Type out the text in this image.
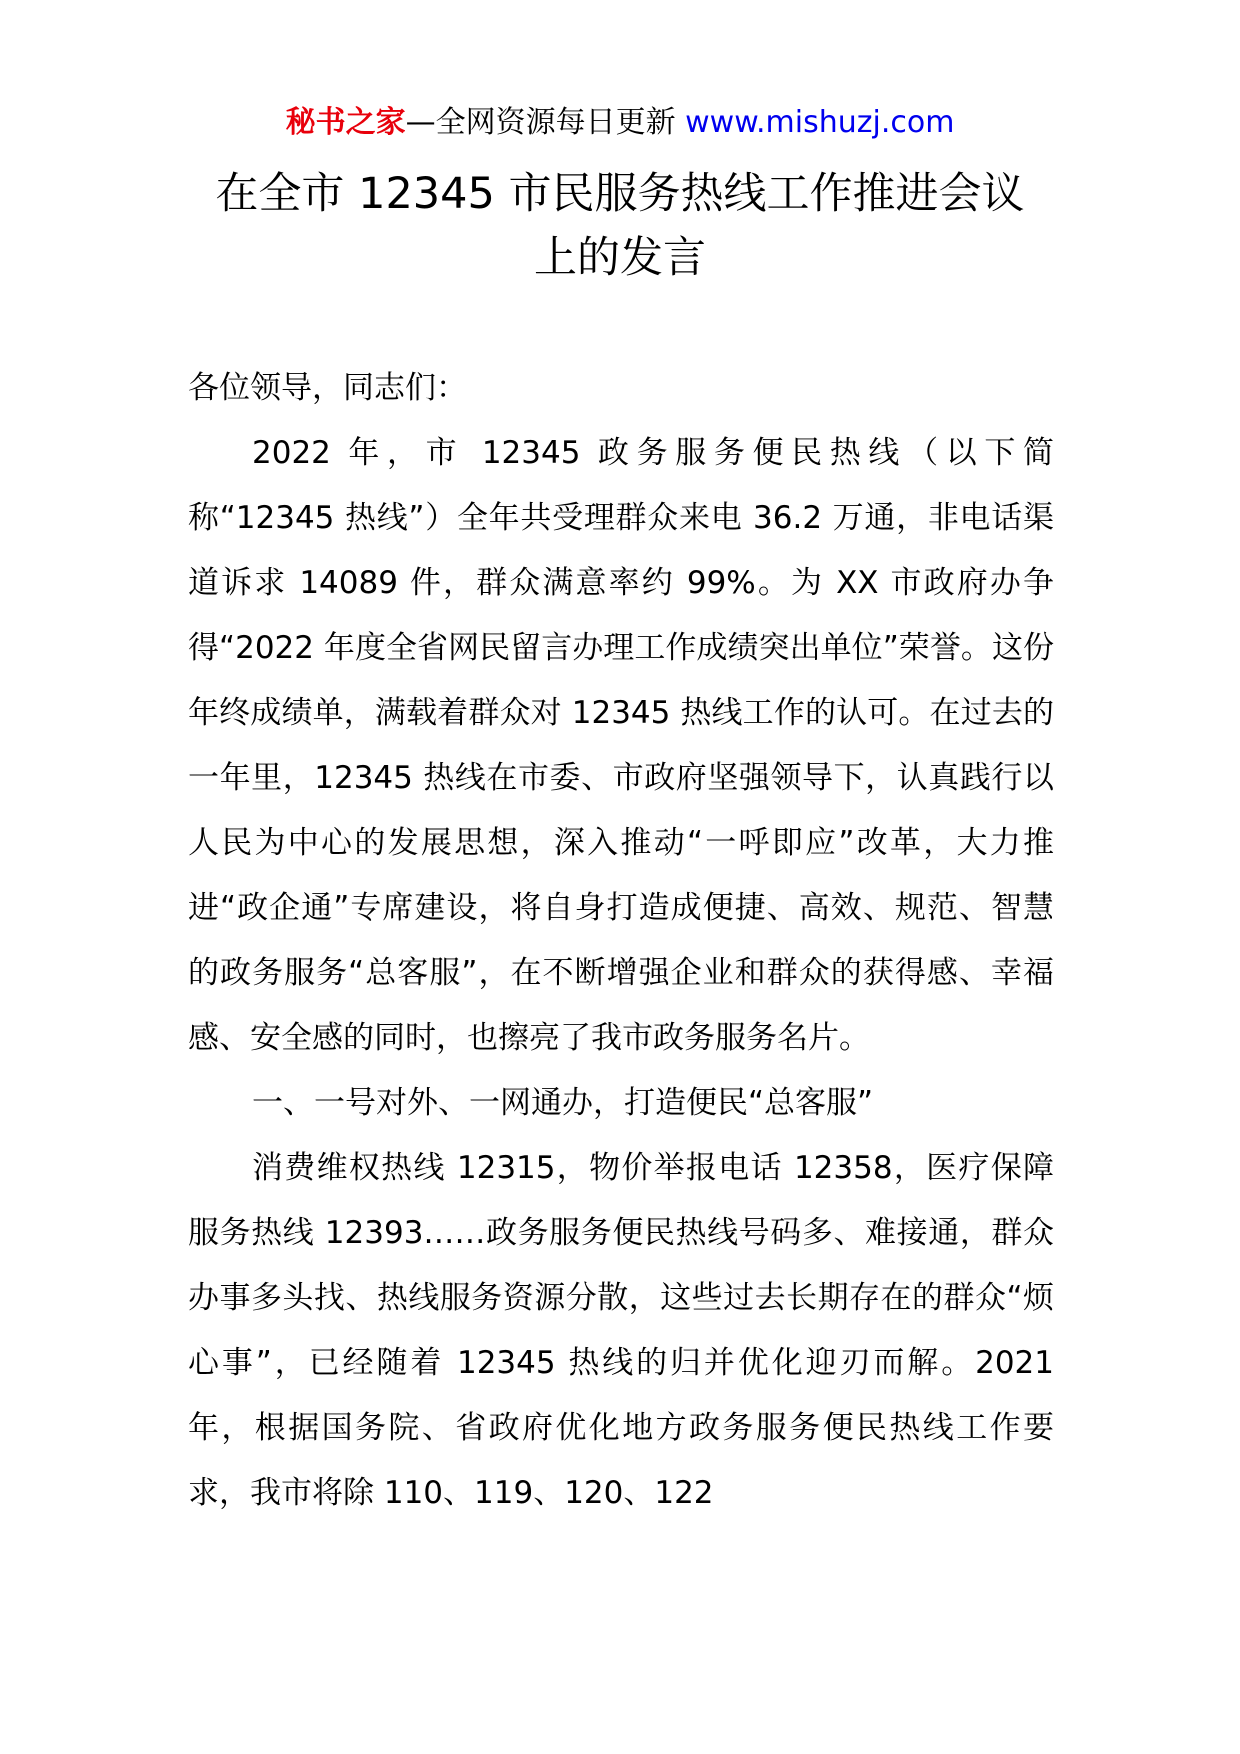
秘书之家—全网资源每日更新 www.mishuzj.com
在全市 12345 市民服务热线工作推进会议
上的发言

各位领导，同志们：

2022 年，市 12345 政务服务便民热线（以下简称“12345 热线”）全年共受理群众来电 36.2 万通，非电话渠道诉求 14089 件，群众满意率约 99%。为 XX 市政府办争得“2022 年度全省网民留言办理工作成绩突出单位”荣誉。这份年终成绩单，满载着群众对 12345 热线工作的认可。在过去的一年里，12345 热线在市委、市政府坚强领导下，认真践行以人民为中心的发展思想，深入推动“一呼即应”改革，大力推进“政企通”专席建设，将自身打造成便捷、高效、规范、智慧的政务服务“总客服”，在不断增强企业和群众的获得感、幸福感、安全感的同时，也擦亮了我市政务服务名片。

一、一号对外、一网通办，打造便民“总客服”

消费维权热线 12315，物价举报电话 12358，医疗保障服务热线 12393……政务服务便民热线号码多、难接通，群众办事多头找、热线服务资源分散，这些过去长期存在的群众“烦心事”，已经随着 12345 热线的归并优化迎刃而解。2021 年，根据国务院、省政府优化地方政务服务便民热线工作要求，我市将除 110、119、120、122
